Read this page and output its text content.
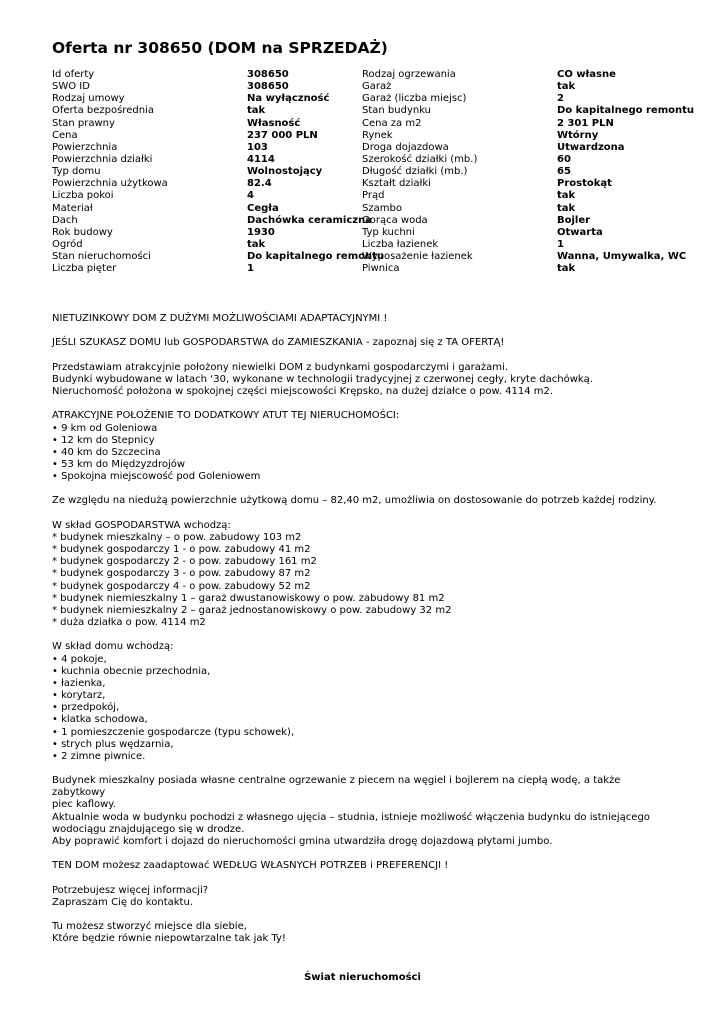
Oferta nr 308650 (DOM na SPRZEDAŻ)
Id oferty
SWO ID
Rodzaj umowy
Oferta bezpośrednia
Stan prawny
Cena
Powierzchnia
Powierzchnia działki
Typ domu
Powierzchnia użytkowa
Liczba pokoi
Materiał
Dach
Rok budowy
Ogród
Stan nieruchomości
Liczba pięter
308650
308650
Na wyłączność
tak
Własność
237 000 PLN
103
4114
Wolnostojący
82.4
4
Cegła
Dachówka ceramiczna
1930
tak
Do kapitalnego remontu
1
Rodzaj ogrzewania
Garaż
Garaż (liczba miejsc)
Stan budynku
Cena za m2
Rynek
Droga dojazdowa
Szerokość działki (mb.)
Długość działki (mb.)
Kształt działki
Prąd
Szambo
Gorąca woda
Typ kuchni
Liczba łazienek
Wyposażenie łazienek
Piwnica
CO własne
tak
2
Do kapitalnego remontu
2 301 PLN
Wtórny
Utwardzona
60
65
Prostokąt
tak
tak
Bojler
Otwarta
1
Wanna, Umywalka, WC
tak

NIETUZINKOWY DOM Z DUŻYMI MOŻLIWOŚCIAMI ADAPTACYJNYMI !

JEŚLI SZUKASZ DOMU lub GOSPODARSTWA do ZAMIESZKANIA - zapoznaj się z TA OFERTĄ!

Przedstawiam atrakcyjnie położony niewielki DOM z budynkami gospodarczymi i garażami.
Budynki wybudowane w latach ‘30, wykonane w technologii tradycyjnej z czerwonej cegły, kryte dachówką.
Nieruchomość położona w spokojnej części miejscowości Krępsko, na dużej działce o pow. 4114 m2.

ATRAKCYJNE POŁOŻENIE TO DODATKOWY ATUT TEJ NIERUCHOMOŚCI:
• 9 km od Goleniowa
• 12 km do Stepnicy
• 40 km do Szczecina
• 53 km do Międzyzdrojów
• Spokojna miejscowość pod Goleniowem

Ze względu na niedużą powierzchnie użytkową domu – 82,40 m2, umożliwia on dostosowanie do potrzeb każdej rodziny.

W skład GOSPODARSTWA wchodzą:
* budynek mieszkalny – o pow. zabudowy 103 m2
* budynek gospodarczy 1 - o pow. zabudowy 41 m2
* budynek gospodarczy 2 - o pow. zabudowy 161 m2
* budynek gospodarczy 3 - o pow. zabudowy 87 m2
* budynek gospodarczy 4 - o pow. zabudowy 52 m2
* budynek niemieszkalny 1 – garaż dwustanowiskowy o pow. zabudowy 81 m2
* budynek niemieszkalny 2 – garaż jednostanowiskowy o pow. zabudowy 32 m2
* duża działka o pow. 4114 m2

W skład domu wchodzą:
• 4 pokoje,
• kuchnia obecnie przechodnia,
• łazienka,
• korytarz,
• przedpokój,
• klatka schodowa,
• 1 pomieszczenie gospodarcze (typu schowek),
• strych plus wędzarnia,
• 2 zimne piwnice.

Budynek mieszkalny posiada własne centralne ogrzewanie z piecem na węgiel i bojlerem na ciepłą wodę, a także zabytkowy
piec kaflowy.
Aktualnie woda w budynku pochodzi z własnego ujęcia – studnia, istnieje możliwość włączenia budynku do istniejącego
wodociągu znajdującego się w drodze.
Aby poprawić komfort i dojazd do nieruchomości gmina utwardziła drogę dojazdową płytami jumbo.

TEN DOM możesz zaadaptować WEDŁUG WŁASNYCH POTRZEB i PREFERENCJI !

Potrzebujesz więcej informacji?
Zapraszam Cię do kontaktu.

Tu możesz stworzyć miejsce dla siebie,
Które będzie równie niepowtarzalne tak jak Ty!

Świat nieruchomości
